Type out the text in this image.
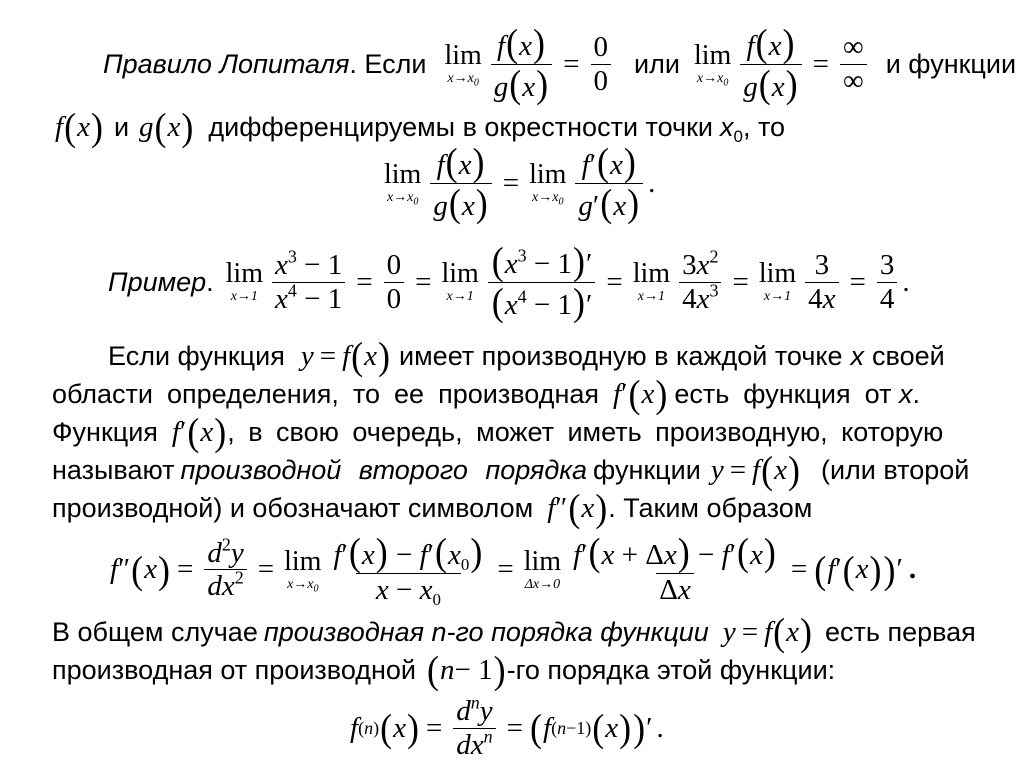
Правило Лопиталя. Если lim
$x\to x_0 \frac{f(x)}{g(x)} = \frac{0}{0}$ или lim
$x\to x_0 \frac{f(x)}{g(x)} = \frac{\infty}{\infty}$ и функции
f ( x ) и g ( x ) дифференцируемы в окрестности точки $x_0$ , то
lim
$x\to x_0 \frac{f(x)}{g(x)} = \lim$
$x\to x_0 \frac{f'(x)}{g'(x)}$ .
Пример. lim
$x\to 1 \frac{x^3 - 1}{x^4 - 1} = \frac{0}{0} = \lim$
$x\to 1 \frac{(x^3 - 1)'}{(x^4 - 1)'} = \lim$
$x\to 1 \frac{3x^2}{4x^3} = \lim$
$x\to 1 \frac{3}{4x} = \frac{3}{4}$ .
Если функция y = f ( x ) имеет производную в каждой точке x своей
области определения, то ее производная f ′ ( x ) есть функция от x.
Функция f ′ ( x ) , в свою очередь, может иметь производную, которую
называют производной второго порядка функции y = f ( x ) (или второй
производной) и обозначают символом f ″ ( x ) . Таким образом
f ″ ( x ) = $\frac{d^2y}{dx^2} = \lim$
$x\to x_0 \frac{f'(x) - f'(x_0)}{x - x_0} = \lim$
$\Delta x\to 0 \frac{f'(x + \Delta x) - f'(x)}{\Delta x}$ = ( f ′ ( x ) ) ′ .
В общем случае производная n-го порядка функции y = f ( x ) есть первая
производная от производной ( n − 1 ) -го порядка этой функции:
f (n) ( x ) = $\frac{d^ny}{dx^n}$ = ( f (n−1) ( x ) ) ′ .
